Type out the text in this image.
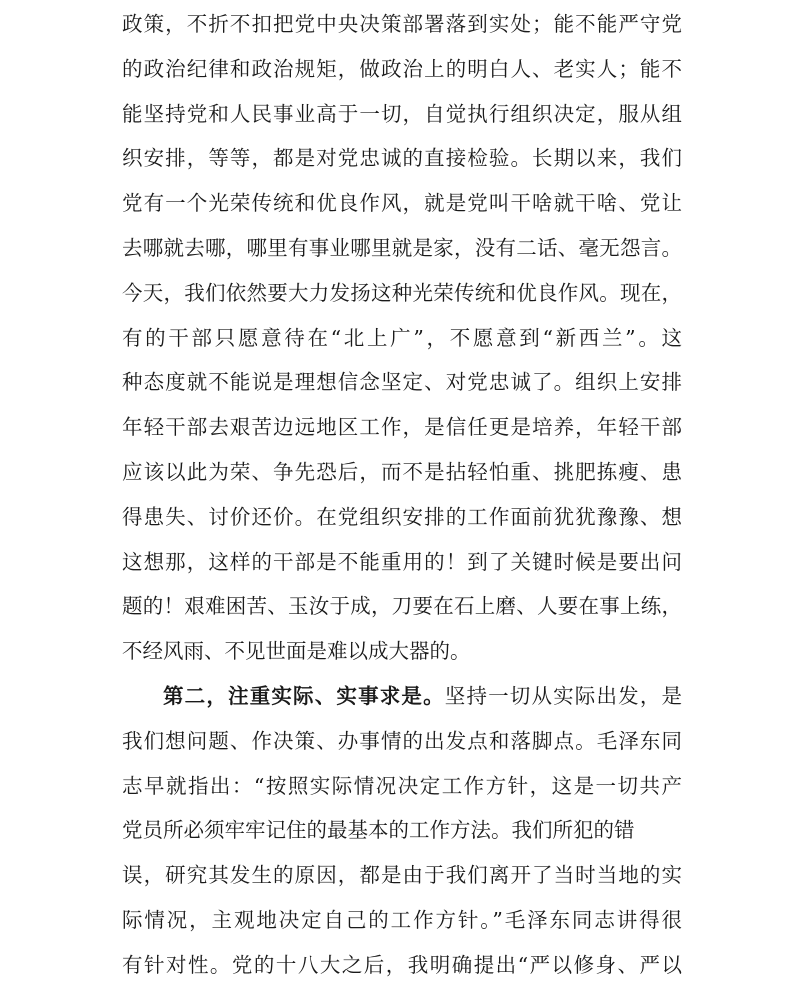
政策，不折不扣把党中央决策部署落到实处；能不能严守党
的政治纪律和政治规矩，做政治上的明白人、老实人；能不
能坚持党和人民事业高于一切，自觉执行组织决定，服从组
织安排，等等，都是对党忠诚的直接检验。长期以来，我们
党有一个光荣传统和优良作风，就是党叫干啥就干啥、党让
去哪就去哪，哪里有事业哪里就是家，没有二话、毫无怨言。
今天，我们依然要大力发扬这种光荣传统和优良作风。现在，
有的干部只愿意待在“北上广”，不愿意到“新西兰”。这
种态度就不能说是理想信念坚定、对党忠诚了。组织上安排
年轻干部去艰苦边远地区工作，是信任更是培养，年轻干部
应该以此为荣、争先恐后，而不是拈轻怕重、挑肥拣瘦、患
得患失、讨价还价。在党组织安排的工作面前犹犹豫豫、想
这想那，这样的干部是不能重用的！到了关键时候是要出问
题的！艰难困苦、玉汝于成，刀要在石上磨、人要在事上练，
不经风雨、不见世面是难以成大器的。
第二，注重实际、实事求是。坚持一切从实际出发，是
我们想问题、作决策、办事情的出发点和落脚点。毛泽东同
志早就指出：“按照实际情况决定工作方针，这是一切共产
党员所必须牢牢记住的最基本的工作方法。我们所犯的错
误，研究其发生的原因，都是由于我们离开了当时当地的实
际情况，主观地决定自己的工作方针。”毛泽东同志讲得很
有针对性。党的十八大之后，我明确提出“严以修身、严以
